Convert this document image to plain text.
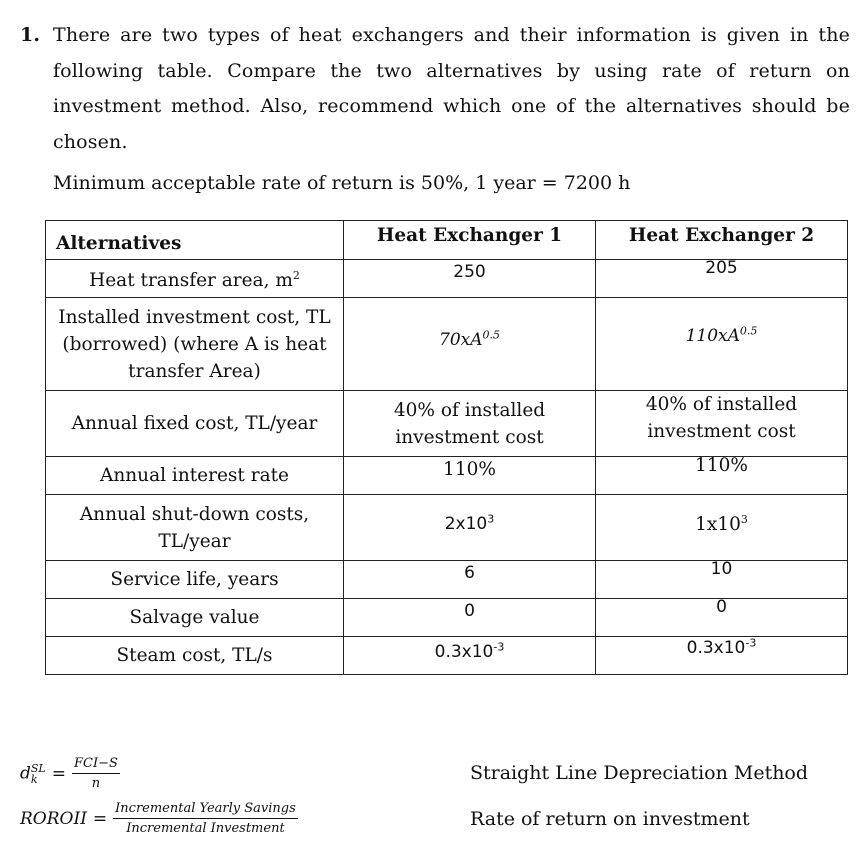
1. There are two types of heat exchangers and their information is given in the following table. Compare the two alternatives by using rate of return on investment method. Also, recommend which one of the alternatives should be chosen.
Minimum acceptable rate of return is 50%, 1 year = 7200 h
Alternatives	Heat Exchanger 1	Heat Exchanger 2
Heat transfer area, $m^2$	250	205
Installed investment cost, TL (borrowed) (where A is heat transfer Area)	$70xA^{0.5}$	$110xA^{0.5}$
Annual fixed cost, TL/year	40% of installed investment cost	40% of installed investment cost
Annual interest rate	110%	110%
Annual shut-down costs, TL/year	$2x10^3$	$1x10^3$
Service life, years	6	10
Salvage value	0	0
Steam cost, TL/s	$0.3x10^{-3}$	$0.3x10^{-3}$
d SL
$k = \frac{\text{FCI−S}}{n}$	Straight Line Depreciation Method
ROROII = $\frac{\text{Incremental Yearly Savings}}{\text{Incremental Investment}}$	Rate of return on investment
